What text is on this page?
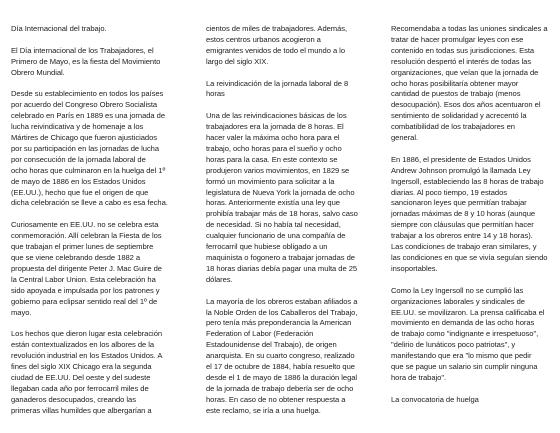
Día Internacional del trabajo.

El Día internacional de los Trabajadores, el
Primero de Mayo, es la fiesta del Movimiento
Obrero Mundial.

Desde su establecimiento en todos los países
por acuerdo del Congreso Obrero Socialista
celebrado en París en 1889 es una jornada de
lucha reivindicativa y de homenaje a los
Mártires de Chicago que fueron ajusticiados
por su participación en las jornadas de lucha
por consecución de la jornada laboral de
ocho horas que culminaron en la huelga del 1º
de mayo de 1886 en los Estados Unidos
(EE.UU.), hecho que fue el origen de que
dicha celebración se lleve a cabo es esa fecha.

Curiosamente en EE.UU. no se celebra esta
conmemoración. Allí celebran la Fiesta de los
que trabajan el primer lunes de septiembre
que se viene celebrando desde 1882 a
propuesta del dirigente Peter J. Mac Guire de
la Central Labor Union. Esta celebración ha
sido apoyada e impulsada por los patrones y
gobierno para eclipsar sentido real del 1º de
mayo.

Los hechos que dieron lugar esta celebración
están contextualizados en los albores de la
revolución industrial en los Estados Unidos. A
fines del siglo XIX Chicago era la segunda
ciudad de EE.UU. Del oeste y del sudeste
llegaban cada año por ferrocarril miles de
ganaderos desocupados, creando las
primeras villas humildes que albergarían a

cientos de miles de trabajadores. Además,
estos centros urbanos acogieron a
emigrantes venidos de todo el mundo a lo
largo del siglo XIX.

La reivindicación de la jornada laboral de 8
horas

Una de las reivindicaciones básicas de los
trabajadores era la jornada de 8 horas. El
hacer valer la máxima ocho hora para el
trabajo, ocho horas para el sueño y ocho
horas para la casa. En este contexto se
produjeron varios movimientos, en 1829 se
formó un movimiento para solicitar a la
legislatura de Nueva York la jornada de ocho
horas. Anteriormente existía una ley que
prohibía trabajar más de 18 horas, salvo caso
de necesidad. Si no había tal necesidad,
cualquier funcionario de una compañía de
ferrocarril que hubiese obligado a un
maquinista o fogonero a trabajar jornadas de
18 horas diarias debía pagar una multa de 25
dólares.

La mayoría de los obreros estaban afiliados a
la Noble Orden de los Caballeros del Trabajo,
pero tenía más preponderancia la American
Federation of Labor (Federación
Estadounidense del Trabajo), de origen
anarquista. En su cuarto congreso, realizado
el 17 de octubre de 1884, había resuelto que
desde el 1 de mayo de 1886 la duración legal
de la jornada de trabajo debería ser de ocho
horas. En caso de no obtener respuesta a
este reclamo, se iría a una huelga.

Recomendaba a todas las uniones sindicales a
tratar de hacer promulgar leyes con ese
contenido en todas sus jurisdicciones. Esta
resolución despertó el interés de todas las
organizaciones, que veían que la jornada de
ocho horas posibilitaría obtener mayor
cantidad de puestos de trabajo (menos
desocupación). Esos dos años acentuaron el
sentimiento de solidaridad y acrecentó la
combatibilidad de los trabajadores en
general.

En 1886, el presidente de Estados Unidos
Andrew Johnson promulgó la llamada Ley
Ingersoll, estableciendo las 8 horas de trabajo
diarias. Al poco tiempo, 19 estados
sancionaron leyes que permitían trabajar
jornadas máximas de 8 y 10 horas (aunque
siempre con cláusulas que permitían hacer
trabajar a los obreros entre 14 y 18 horas).
Las condiciones de trabajo eran similares, y
las condiciones en que se vivía seguían siendo
insoportables.

Como la Ley Ingersoll no se cumplió las
organizaciones laborales y sindicales de
EE.UU. se movilizaron. La prensa calificaba el
movimiento en demanda de las ocho horas
de trabajo como "indignante e irrespetuoso",
"delirio de lunáticos poco patriotas", y
manifestando que era "lo mismo que pedir
que se pague un salario sin cumplir ninguna
hora de trabajo".

La convocatoria de huelga
